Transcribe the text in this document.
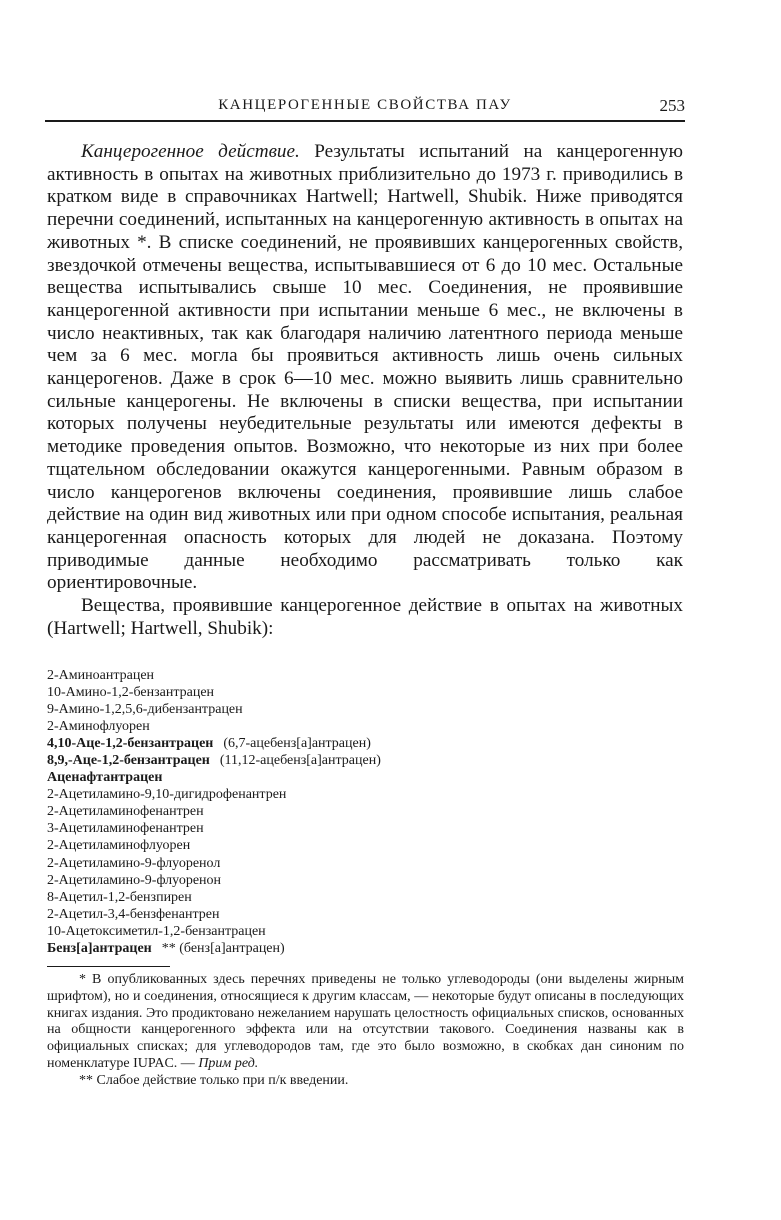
КАНЦЕРОГЕННЫЕ СВОЙСТВА ПАУ	253

Канцерогенное действие. Результаты испытаний на канцерогенную активность в опытах на животных приблизительно до 1973 г. приводились в кратком виде в справочниках Hartwell; Hartwell, Shubik. Ниже приводятся перечни соединений, испытанных на канцерогенную активность в опытах на животных *. В списке соединений, не проявивших канцерогенных свойств, звездочкой отмечены вещества, испытывавшиеся от 6 до 10 мес. Остальные вещества испытывались свыше 10 мес. Соединения, не проявившие канцерогенной активности при испытании меньше 6 мес., не включены в число неактивных, так как благодаря наличию латентного периода меньше чем за 6 мес. могла бы проявиться активность лишь очень сильных канцерогенов. Даже в срок 6—10 мес. можно выявить лишь сравнительно сильные канцерогены. Не включены в списки вещества, при испытании которых получены неубедительные результаты или имеются дефекты в методике проведения опытов. Возможно, что некоторые из них при более тщательном обследовании окажутся канцерогенными. Равным образом в число канцерогенов включены соединения, проявившие лишь слабое действие на один вид животных или при одном способе испытания, реальная канцерогенная опасность которых для людей не доказана. Поэтому приводимые данные необходимо рассматривать только как ориентировочные.

Вещества, проявившие канцерогенное действие в опытах на животных (Hartwell; Hartwell, Shubik):

2-Аминоантрацен
10-Амино-1,2-бензантрацен
9-Амино-1,2,5,6-дибензантрацен
2-Аминофлуорен
4,10-Аце-1,2-бензантрацен (6,7-ацебенз[а]антрацен)
8,9,-Аце-1,2-бензантрацен (11,12-ацебенз[а]антрацен)
Аценафтантрацен
2-Ацетиламино-9,10-дигидрофенантрен
2-Ацетиламинофенантрен
3-Ацетиламинофенантрен
2-Ацетиламинофлуорен
2-Ацетиламино-9-флуоренол
2-Ацетиламино-9-флуоренон
8-Ацетил-1,2-бензпирен
2-Ацетил-3,4-бензфенантрен
10-Ацетоксиметил-1,2-бензантрацен
Бенз[а]антрацен ** (бенз[а]антрацен)

* В опубликованных здесь перечнях приведены не только углеводороды (они выделены жирным шрифтом), но и соединения, относящиеся к другим классам, — некоторые будут описаны в последующих книгах издания. Это продиктовано нежеланием нарушать целостность официальных списков, основанных на общности канцерогенного эффекта или на отсутствии такового. Соединения названы как в официальных списках; для углеводородов там, где это было возможно, в скобках дан синоним по номенклатуре IUPAC. — Прим ред.

** Слабое действие только при п/к введении.
